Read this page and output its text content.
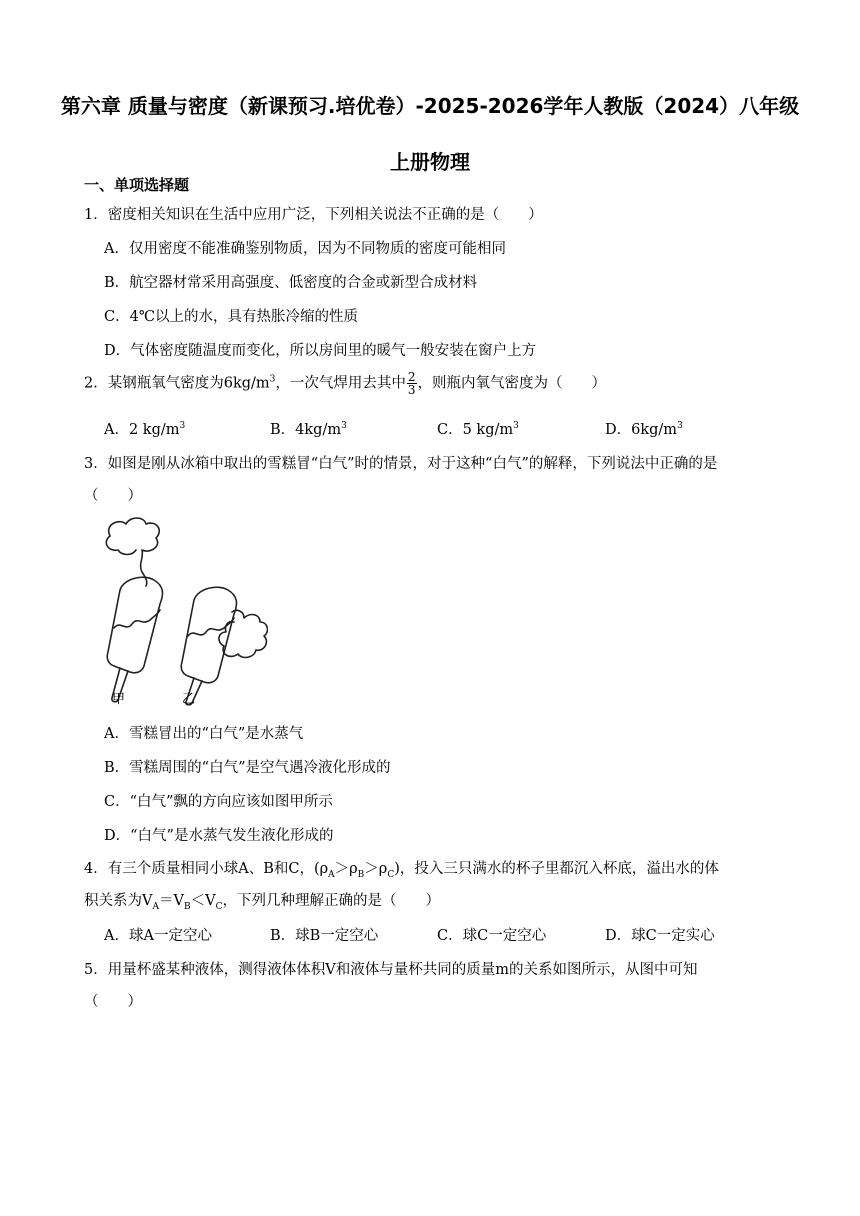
第六章 质量与密度（新课预习.培优卷）-2025-2026学年人教版（2024）八年级上册物理
一、单项选择题
1．密度相关知识在生活中应用广泛，下列相关说法不正确的是（　　）
A．仅用密度不能准确鉴别物质，因为不同物质的密度可能相同
B．航空器材常采用高强度、低密度的合金或新型合成材料
C．4℃以上的水，具有热胀冷缩的性质
D．气体密度随温度而变化，所以房间里的暖气一般安装在窗户上方
2．某钢瓶氧气密度为$6kg/m^3$，一次气焊用去其中 $\frac{2}{3}$ ，则瓶内氧气密度为（　　）
A．2 $kg/m^3$	B．$4kg/m^3$	C．5 $kg/m^3$	D．$6kg/m^3$
3．如图是刚从冰箱中取出的雪糕冒“白气”时的情景，对于这种“白气”的解释，下列说法中正确的是
（　　）
甲	乙
A．雪糕冒出的“白气”是水蒸气
B．雪糕周围的“白气”是空气遇冷液化形成的
C．“白气”飘的方向应该如图甲所示
D．“白气”是水蒸气发生液化形成的
4．有三个质量相同小球A、B和C，$(\rho_A>\rho_B>\rho_C)$，投入三只满水的杯子里都沉入杯底，溢出水的体
积关系为$V_A=V_B<V_C$，下列几种理解正确的是（　　）
A．球A一定空心	B．球B一定空心	C．球C一定空心	D．球C一定实心
5．用量杯盛某种液体，测得液体体积V和液体与量杯共同的质量m的关系如图所示，从图中可知
（　　）
